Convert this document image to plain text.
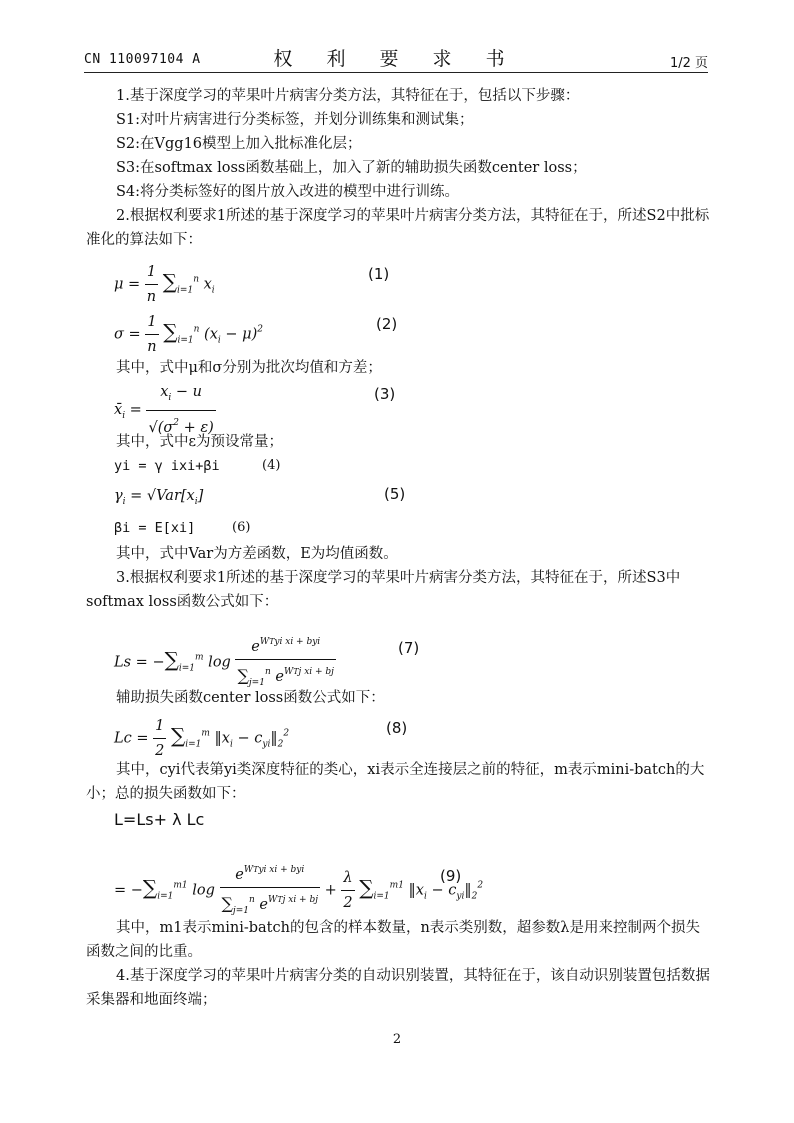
CN 110097104 A	权 利 要 求 书	1/2 页

1.基于深度学习的苹果叶片病害分类方法，其特征在于，包括以下步骤：

S1:对叶片病害进行分类标签，并划分训练集和测试集；

S2:在Vgg16模型上加入批标准化层；

S3:在softmax loss函数基础上，加入了新的辅助损失函数center loss；

S4:将分类标签好的图片放入改进的模型中进行训练。

2.根据权利要求1所述的基于深度学习的苹果叶片病害分类方法，其特征在于，所述S2中批标准化的算法如下：

$\mu = \frac{1}{n} \sum_{i=1}^n$ $x_i$
(1)
$\sigma = \frac{1}{n} \sum_{i=1}^n$ $(x_i - \mu)^2$	(2)

其中，式中μ和σ分别为批次均值和方差；

$x̄_i = \frac{x_i - u}{√(\sigma^2 + \varepsilon)}$	(3)

其中，式中ε为预设常量；

yi = γ ixi+βi	(4)
$\gamma_i = √Var[x_i]$	(5)
βi = E[xi]	(6)

其中，式中Var为方差函数，E为均值函数。

3.根据权利要求1所述的基于深度学习的苹果叶片病害分类方法，其特征在于，所述S3中softmax loss函数公式如下：

$Ls = -\sum_{i=1}^m$ $\log \frac{e^{WTyi xi + byi}}{\sum_{j=1}^n e^{WTj xi + bj}}$	(7)

辅助损失函数center loss函数公式如下：

$Lc = \frac{1}{2} \sum_{i=1}^m$ $‖x_i$ − $c_{yi}‖_2^2$	(8)

其中，cyi代表第yi类深度特征的类心，xi表示全连接层之前的特征，m表示mini-batch的大小；总的损失函数如下：

L=Ls+ λ Lc
= $-\sum_{i=1}^{m1}$ $\log \frac{e^{WTyi xi + byi}}{\sum_{j=1}^n e^{WTj xi + bj}} + \frac{\lambda}{2} \sum_{i=1}^{m1}$ $‖x_i$ − $c_{yi}‖_2^2$
(9)

其中，m1表示mini-batch的包含的样本数量，n表示类别数，超参数λ是用来控制两个损失函数之间的比重。

4.基于深度学习的苹果叶片病害分类的自动识别装置，其特征在于，该自动识别装置包括数据采集器和地面终端；

2
